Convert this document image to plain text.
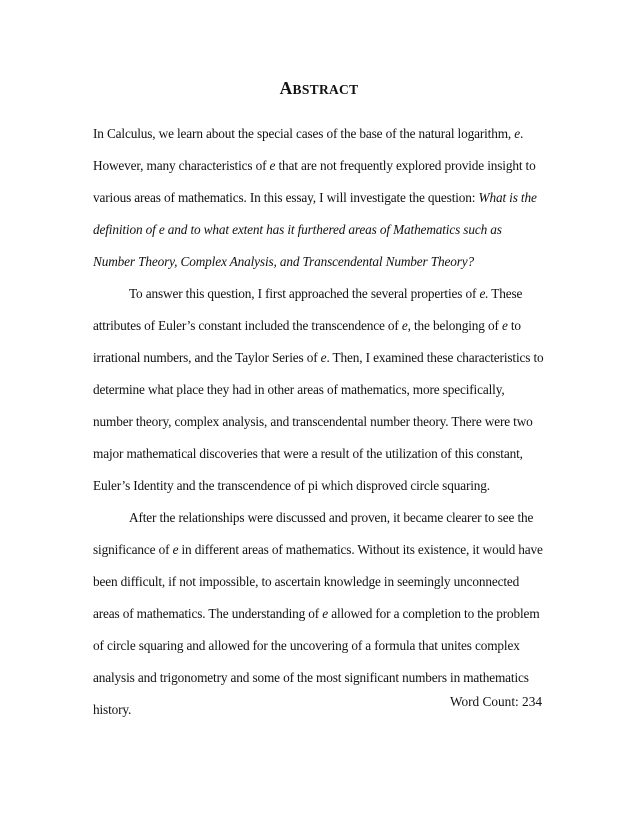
ABSTRACT

In Calculus, we learn about the special cases of the base of the natural logarithm, e. However, many characteristics of e that are not frequently explored provide insight to various areas of mathematics. In this essay, I will investigate the question: What is the definition of e and to what extent has it furthered areas of Mathematics such as Number Theory, Complex Analysis, and Transcendental Number Theory?

To answer this question, I first approached the several properties of e. These attributes of Euler’s constant included the transcendence of e, the belonging of e to irrational numbers, and the Taylor Series of e. Then, I examined these characteristics to determine what place they had in other areas of mathematics, more specifically, number theory, complex analysis, and transcendental number theory. There were two major mathematical discoveries that were a result of the utilization of this constant, Euler’s Identity and the transcendence of pi which disproved circle squaring.

After the relationships were discussed and proven, it became clearer to see the significance of e in different areas of mathematics. Without its existence, it would have been difficult, if not impossible, to ascertain knowledge in seemingly unconnected areas of mathematics. The understanding of e allowed for a completion to the problem of circle squaring and allowed for the uncovering of a formula that unites complex analysis and trigonometry and some of the most significant numbers in mathematics history.

Word Count: 234
